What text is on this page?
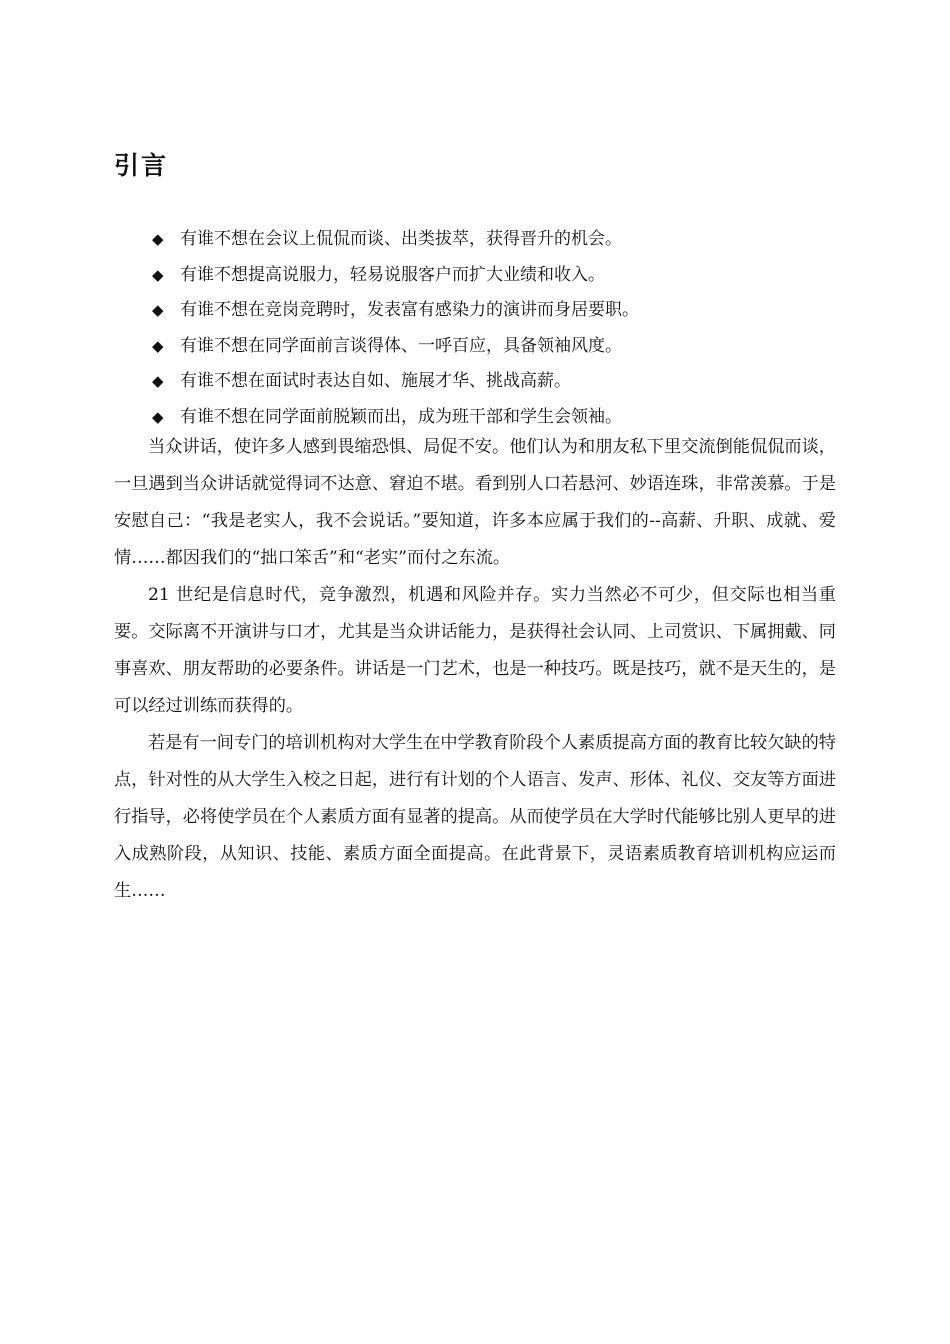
引言
◆ 有谁不想在会议上侃侃而谈、出类拔萃，获得晋升的机会。
◆ 有谁不想提高说服力，轻易说服客户而扩大业绩和收入。
◆ 有谁不想在竞岗竞聘时，发表富有感染力的演讲而身居要职。
◆ 有谁不想在同学面前言谈得体、一呼百应，具备领袖风度。
◆ 有谁不想在面试时表达自如、施展才华、挑战高薪。
◆ 有谁不想在同学面前脱颖而出，成为班干部和学生会领袖。

当众讲话，使许多人感到畏缩恐惧、局促不安。他们认为和朋友私下里交流倒能侃侃而谈，一旦遇到当众讲话就觉得词不达意、窘迫不堪。看到别人口若悬河、妙语连珠，非常羡慕。于是安慰自己：“我是老实人，我不会说话。”要知道，许多本应属于我们的--高薪、升职、成就、爱情……都因我们的“拙口笨舌”和“老实”而付之东流。

21 世纪是信息时代，竞争激烈，机遇和风险并存。实力当然必不可少，但交际也相当重要。交际离不开演讲与口才，尤其是当众讲话能力，是获得社会认同、上司赏识、下属拥戴、同事喜欢、朋友帮助的必要条件。讲话是一门艺术，也是一种技巧。既是技巧，就不是天生的，是可以经过训练而获得的。

若是有一间专门的培训机构对大学生在中学教育阶段个人素质提高方面的教育比较欠缺的特点，针对性的从大学生入校之日起，进行有计划的个人语言、发声、形体、礼仪、交友等方面进行指导，必将使学员在个人素质方面有显著的提高。从而使学员在大学时代能够比别人更早的进入成熟阶段，从知识、技能、素质方面全面提高。在此背景下，灵语素质教育培训机构应运而生……
